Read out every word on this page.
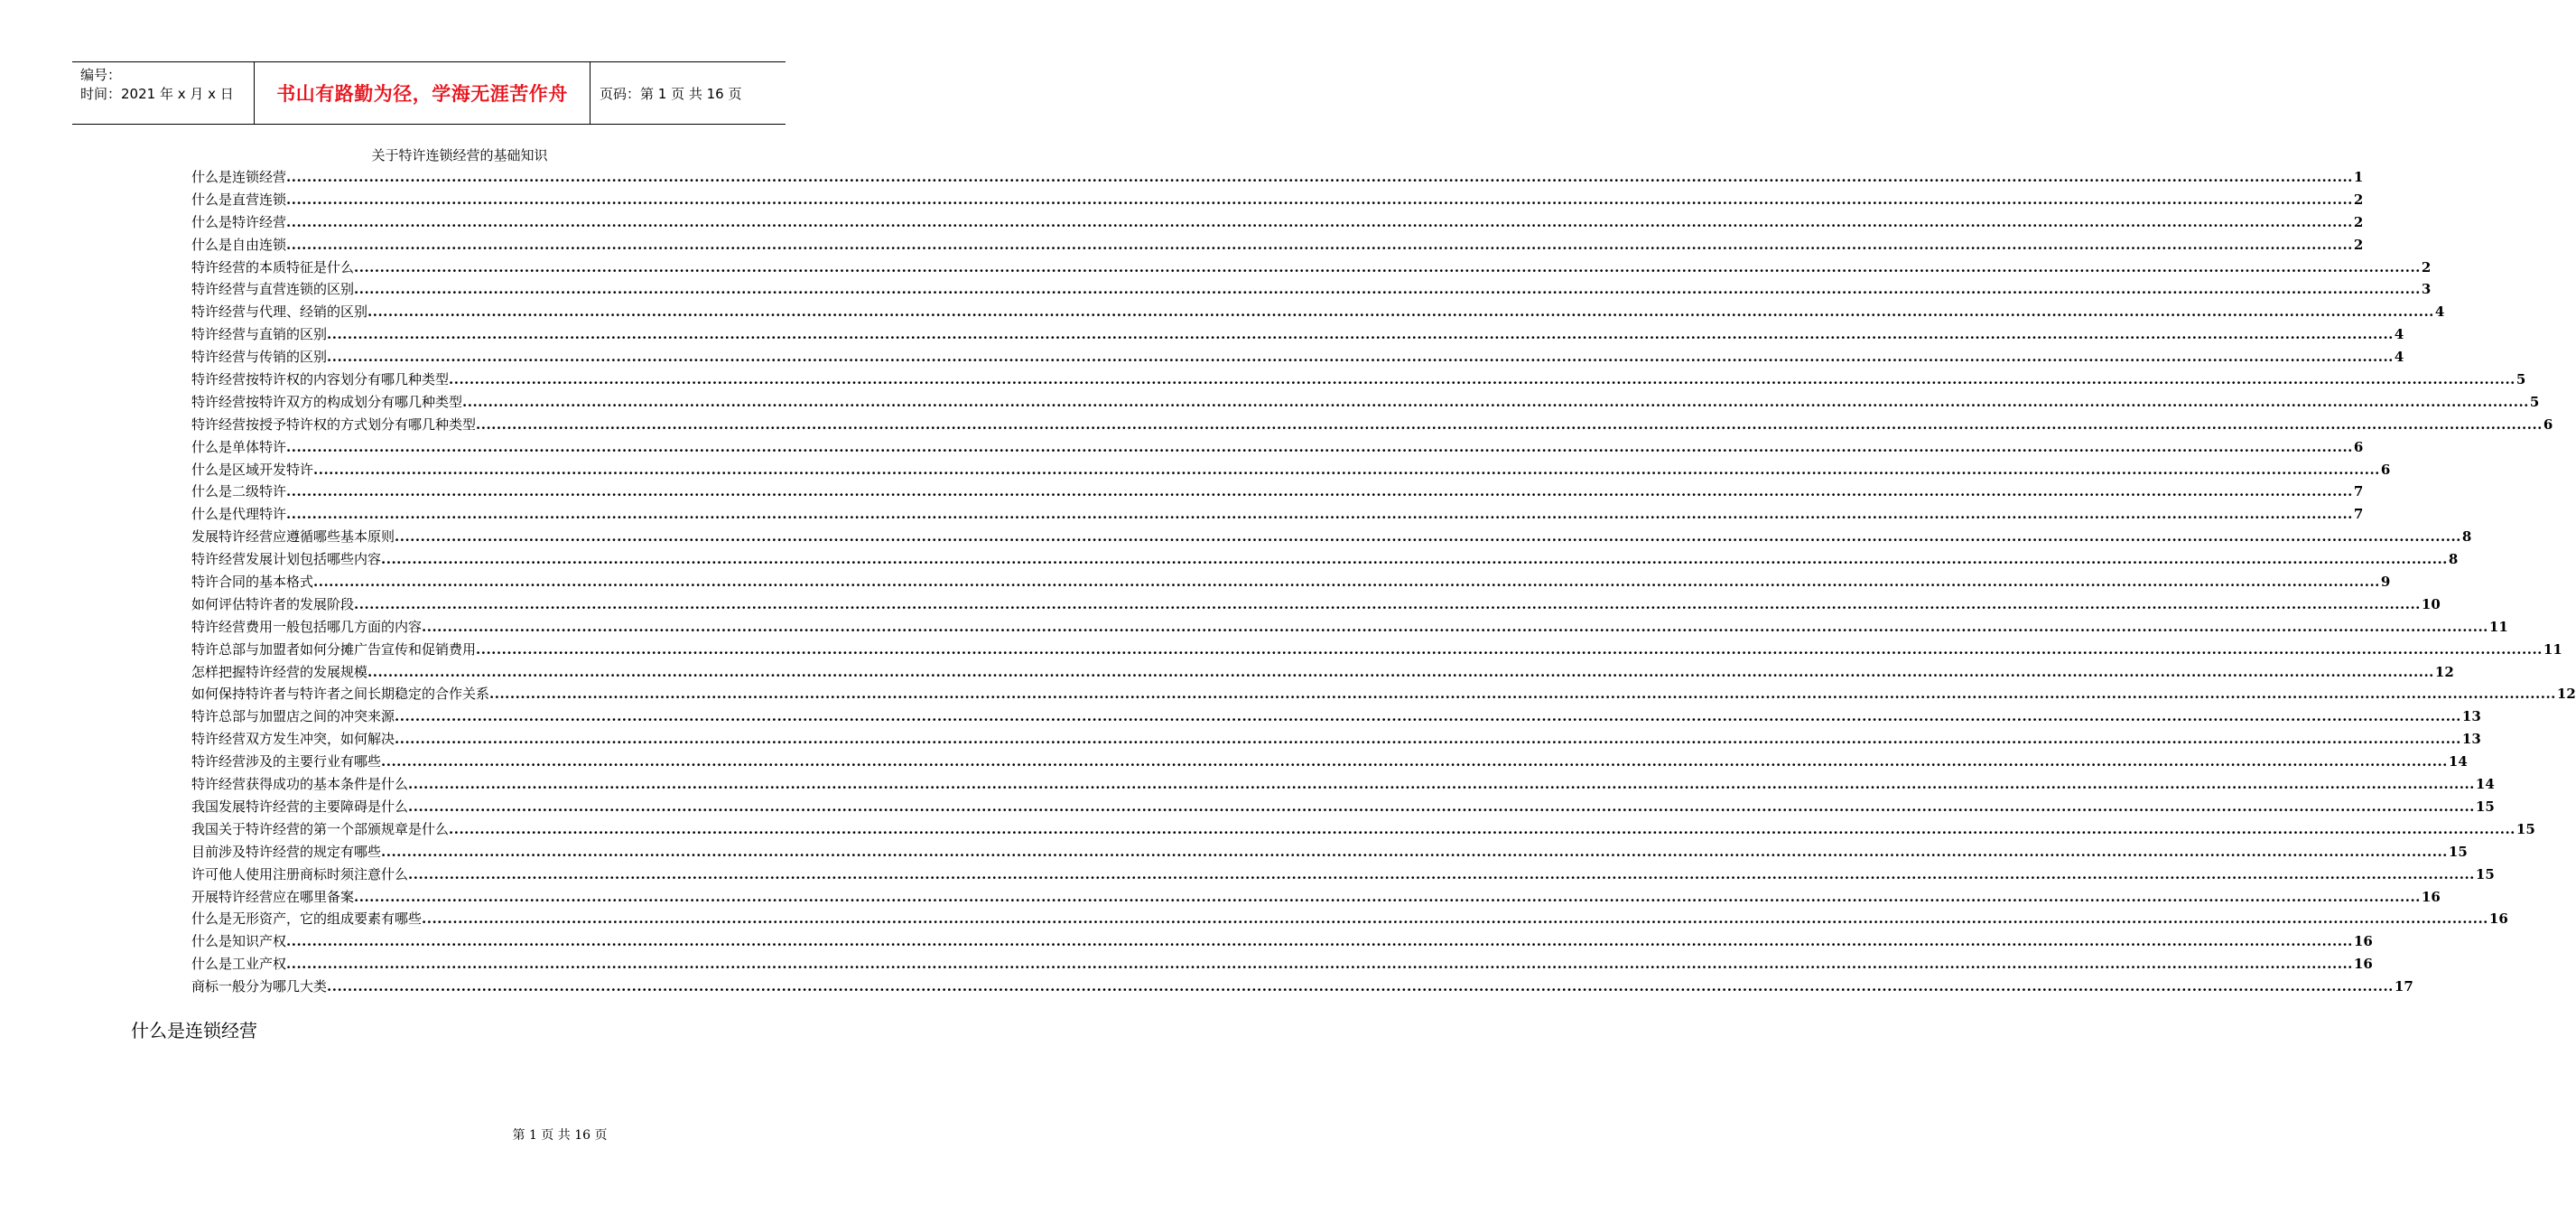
编号：
时间：2021 年 x 月 x 日	书山有路勤为径，学海无涯苦作舟 页码：第 1 页 共 16 页
关于特许连锁经营的基础知识
什么是连锁经营 ................................................................................................................................................................................................................................................................................................................................................................................................................ 1
什么是直营连锁 ................................................................................................................................................................................................................................................................................................................................................................................................................ 2
什么是特许经营 ................................................................................................................................................................................................................................................................................................................................................................................................................ 2
什么是自由连锁 ................................................................................................................................................................................................................................................................................................................................................................................................................ 2
特许经营的本质特征是什么 ................................................................................................................................................................................................................................................................................................................................................................................................................ 2
特许经营与直营连锁的区别 ................................................................................................................................................................................................................................................................................................................................................................................................................ 3
特许经营与代理、经销的区别 ................................................................................................................................................................................................................................................................................................................................................................................................................ 4
特许经营与直销的区别 ................................................................................................................................................................................................................................................................................................................................................................................................................ 4
特许经营与传销的区别 ................................................................................................................................................................................................................................................................................................................................................................................................................ 4
特许经营按特许权的内容划分有哪几种类型 ................................................................................................................................................................................................................................................................................................................................................................................................................ 5
特许经营按特许双方的构成划分有哪几种类型 ................................................................................................................................................................................................................................................................................................................................................................................................................ 5
特许经营按授予特许权的方式划分有哪几种类型 ................................................................................................................................................................................................................................................................................................................................................................................................................ 6
什么是单体特许 ................................................................................................................................................................................................................................................................................................................................................................................................................ 6
什么是区域开发特许 ................................................................................................................................................................................................................................................................................................................................................................................................................ 6
什么是二级特许 ................................................................................................................................................................................................................................................................................................................................................................................................................ 7
什么是代理特许 ................................................................................................................................................................................................................................................................................................................................................................................................................ 7
发展特许经营应遵循哪些基本原则 ................................................................................................................................................................................................................................................................................................................................................................................................................ 8
特许经营发展计划包括哪些内容 ................................................................................................................................................................................................................................................................................................................................................................................................................ 8
特许合同的基本格式 ................................................................................................................................................................................................................................................................................................................................................................................................................ 9
如何评估特许者的发展阶段 ................................................................................................................................................................................................................................................................................................................................................................................................................ 10
特许经营费用一般包括哪几方面的内容 ................................................................................................................................................................................................................................................................................................................................................................................................................ 11
特许总部与加盟者如何分摊广告宣传和促销费用 ................................................................................................................................................................................................................................................................................................................................................................................................................ 11
怎样把握特许经营的发展规模 ................................................................................................................................................................................................................................................................................................................................................................................................................ 12
如何保持特许者与特许者之间长期稳定的合作关系 ................................................................................................................................................................................................................................................................................................................................................................................................................ 12
特许总部与加盟店之间的冲突来源 ................................................................................................................................................................................................................................................................................................................................................................................................................ 13
特许经营双方发生冲突，如何解决 ................................................................................................................................................................................................................................................................................................................................................................................................................ 13
特许经营涉及的主要行业有哪些 ................................................................................................................................................................................................................................................................................................................................................................................................................ 14
特许经营获得成功的基本条件是什么 ................................................................................................................................................................................................................................................................................................................................................................................................................ 14
我国发展特许经营的主要障碍是什么 ................................................................................................................................................................................................................................................................................................................................................................................................................ 15
我国关于特许经营的第一个部颁规章是什么 ................................................................................................................................................................................................................................................................................................................................................................................................................ 15
目前涉及特许经营的规定有哪些 ................................................................................................................................................................................................................................................................................................................................................................................................................ 15
许可他人使用注册商标时须注意什么 ................................................................................................................................................................................................................................................................................................................................................................................................................ 15
开展特许经营应在哪里备案 ................................................................................................................................................................................................................................................................................................................................................................................................................ 16
什么是无形资产，它的组成要素有哪些 ................................................................................................................................................................................................................................................................................................................................................................................................................ 16
什么是知识产权 ................................................................................................................................................................................................................................................................................................................................................................................................................ 16
什么是工业产权 ................................................................................................................................................................................................................................................................................................................................................................................................................ 16
商标一般分为哪几大类 ................................................................................................................................................................................................................................................................................................................................................................................................................ 17
什么是连锁经营
第 1 页 共 16 页
